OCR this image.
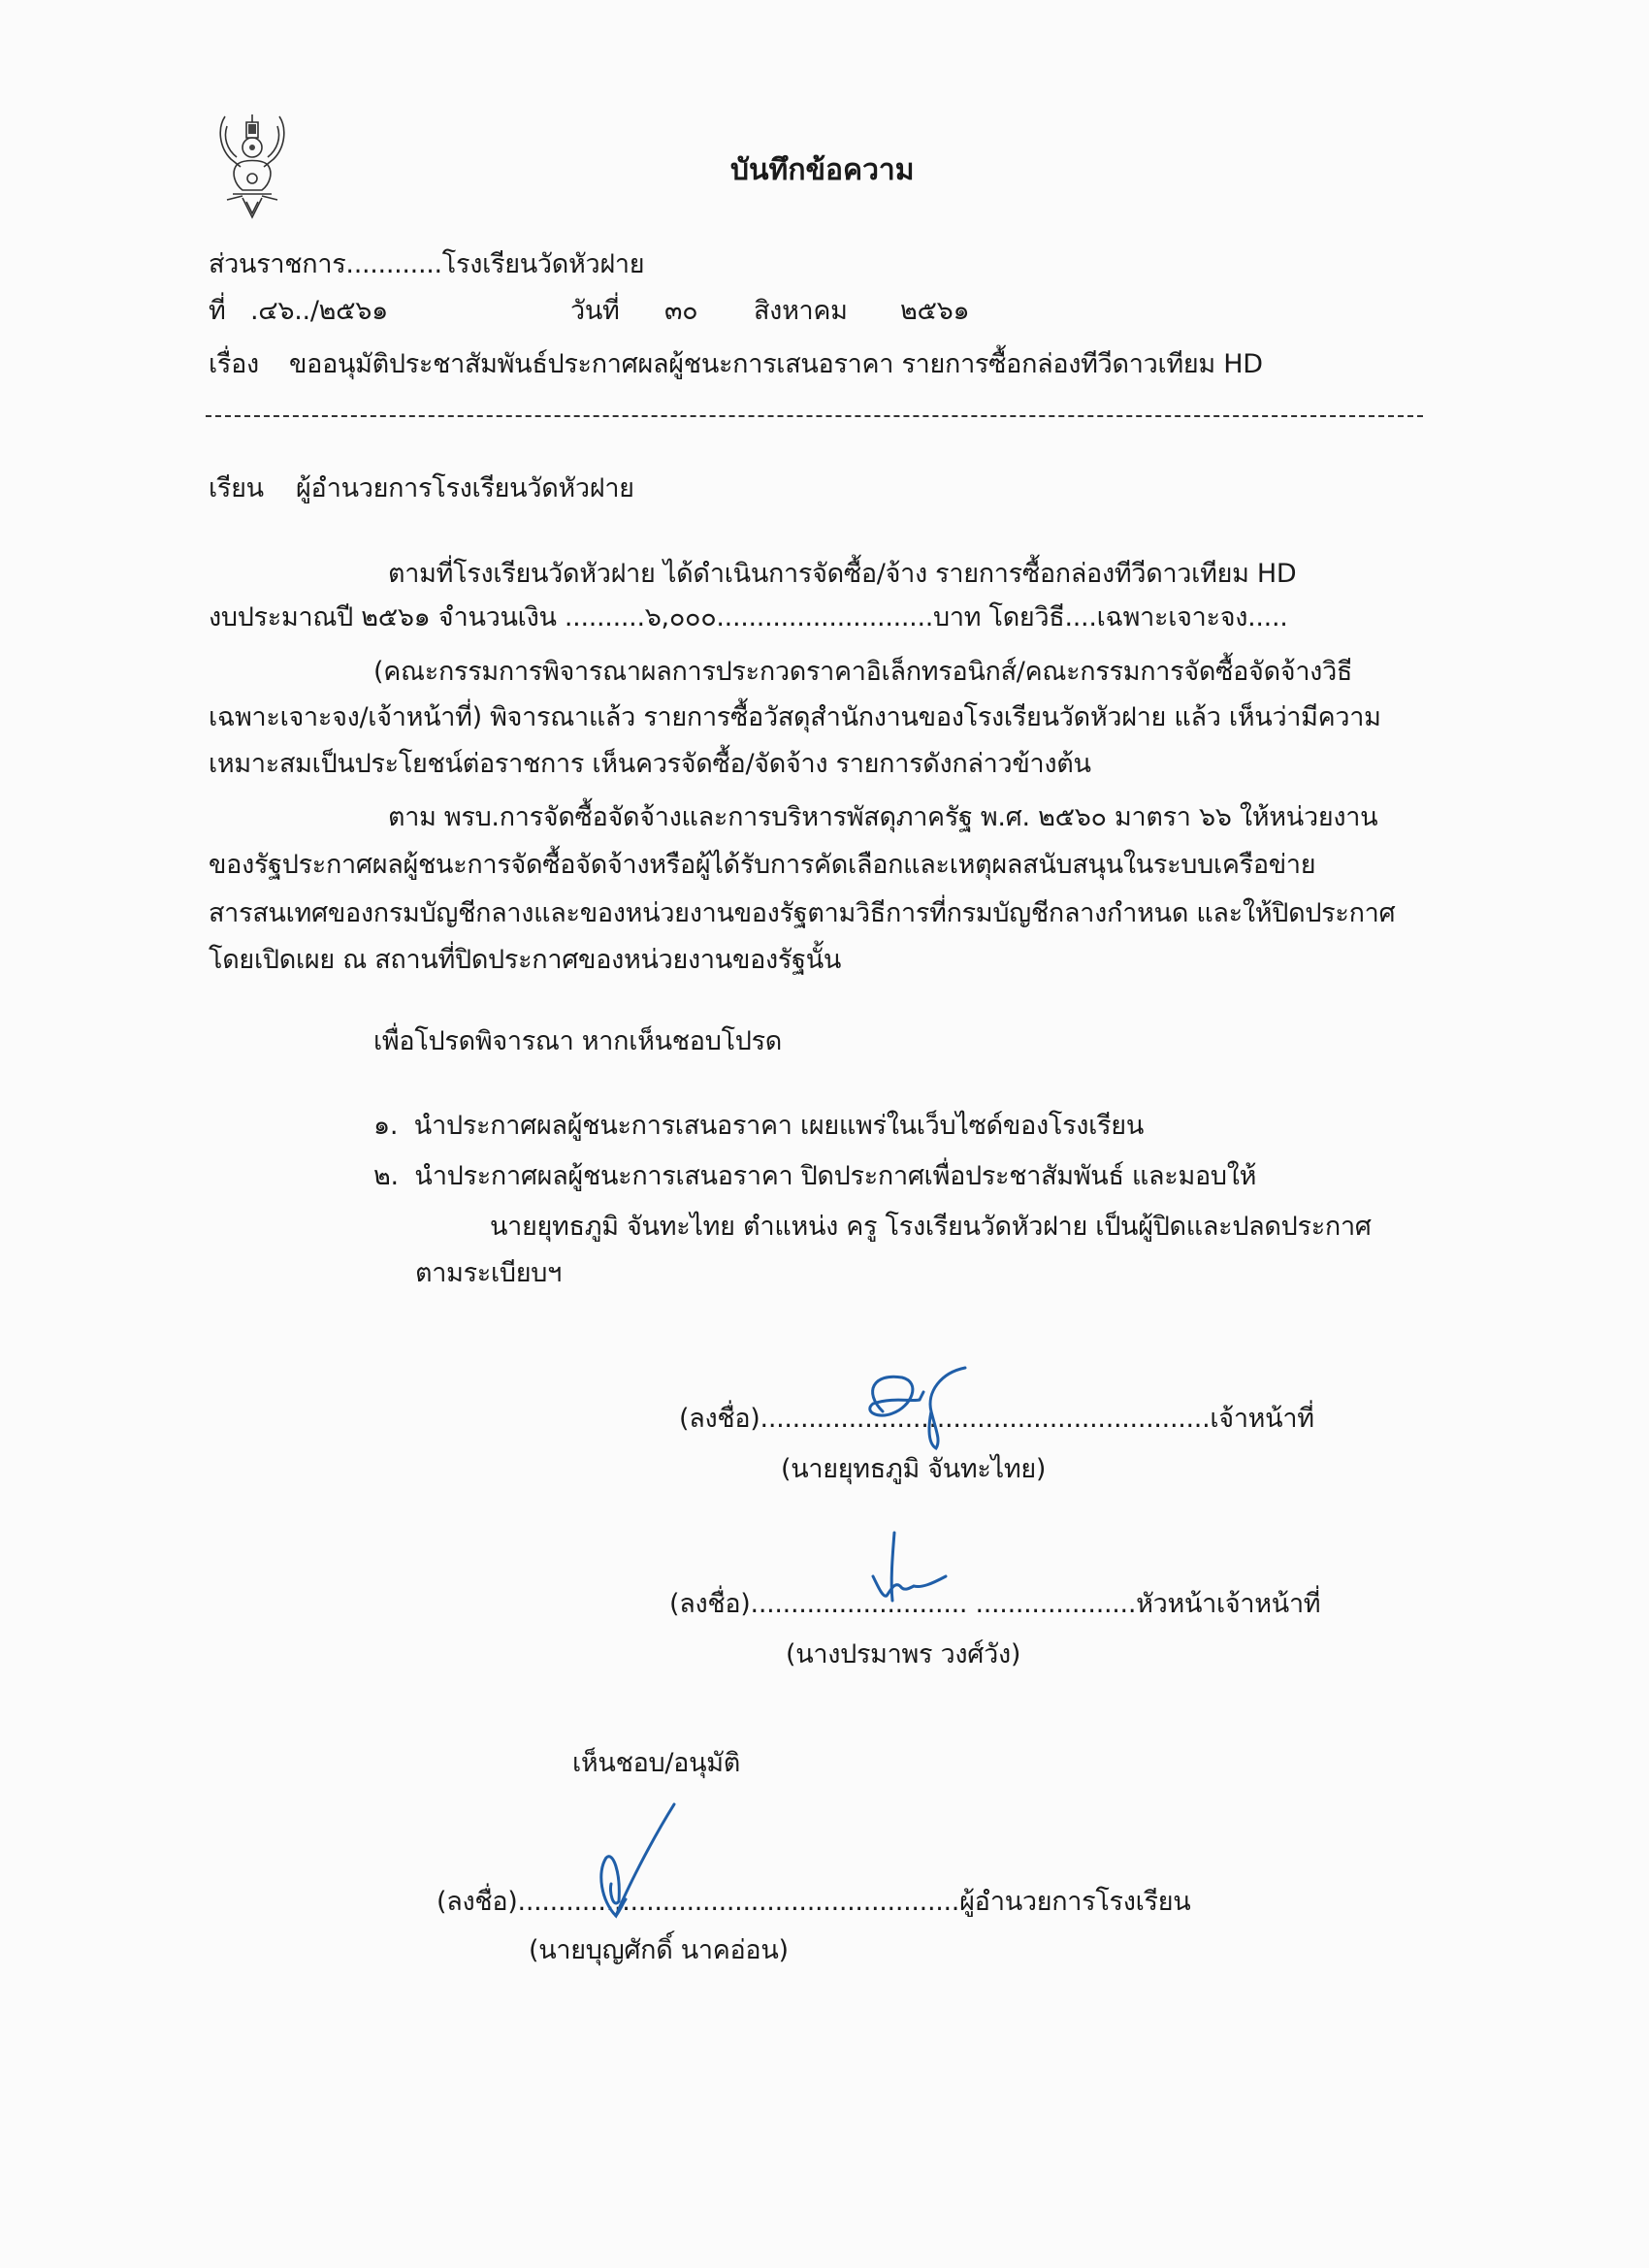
บันทึกข้อความ
ส่วนราชการ............โรงเรียนวัดหัวฝาย
ที่ .๔๖../๒๕๖๑	วันที่ ๓๐ สิงหาคม ๒๕๖๑
เรื่อง ขออนุมัติประชาสัมพันธ์ประกาศผลผู้ชนะการเสนอราคา รายการซื้อกล่องทีวีดาวเทียม HD
เรียน ผู้อำนวยการโรงเรียนวัดหัวฝาย
ตามที่โรงเรียนวัดหัวฝาย ได้ดำเนินการจัดซื้อ/จ้าง รายการซื้อกล่องทีวีดาวเทียม HD
งบประมาณปี ๒๕๖๑ จำนวนเงิน ..........๖,๐๐๐...........................บาท โดยวิธี....เฉพาะเจาะจง.....
(คณะกรรมการพิจารณาผลการประกวดราคาอิเล็กทรอนิกส์/คณะกรรมการจัดซื้อจัดจ้างวิธี
เฉพาะเจาะจง/เจ้าหน้าที่) พิจารณาแล้ว รายการซื้อวัสดุสำนักงานของโรงเรียนวัดหัวฝาย แล้ว เห็นว่ามีความ
เหมาะสมเป็นประโยชน์ต่อราชการ เห็นควรจัดซื้อ/จัดจ้าง รายการดังกล่าวข้างต้น
ตาม พรบ.การจัดซื้อจัดจ้างและการบริหารพัสดุภาครัฐ พ.ศ. ๒๕๖๐ มาตรา ๖๖ ให้หน่วยงาน
ของรัฐประกาศผลผู้ชนะการจัดซื้อจัดจ้างหรือผู้ได้รับการคัดเลือกและเหตุผลสนับสนุนในระบบเครือข่าย
สารสนเทศของกรมบัญชีกลางและของหน่วยงานของรัฐตามวิธีการที่กรมบัญชีกลางกำหนด และให้ปิดประกาศ
โดยเปิดเผย ณ สถานที่ปิดประกาศของหน่วยงานของรัฐนั้น
เพื่อโปรดพิจารณา หากเห็นชอบโปรด
๑. นำประกาศผลผู้ชนะการเสนอราคา เผยแพร่ในเว็บไซด์ของโรงเรียน
๒. นำประกาศผลผู้ชนะการเสนอราคา ปิดประกาศเพื่อประชาสัมพันธ์ และมอบให้
นายยุทธภูมิ จันทะไทย ตำแหน่ง ครู โรงเรียนวัดหัวฝาย เป็นผู้ปิดและปลดประกาศ
ตามระเบียบฯ
(ลงชื่อ)........................................................เจ้าหน้าที่
(นายยุทธภูมิ จันทะไทย)
(ลงชื่อ)........................... ....................หัวหน้าเจ้าหน้าที่
(นางปรมาพร วงศ์วัง)
เห็นชอบ/อนุมัติ
(ลงชื่อ).......................................................ผู้อำนวยการโรงเรียน
(นายบุญศักดิ์ นาคอ่อน)
